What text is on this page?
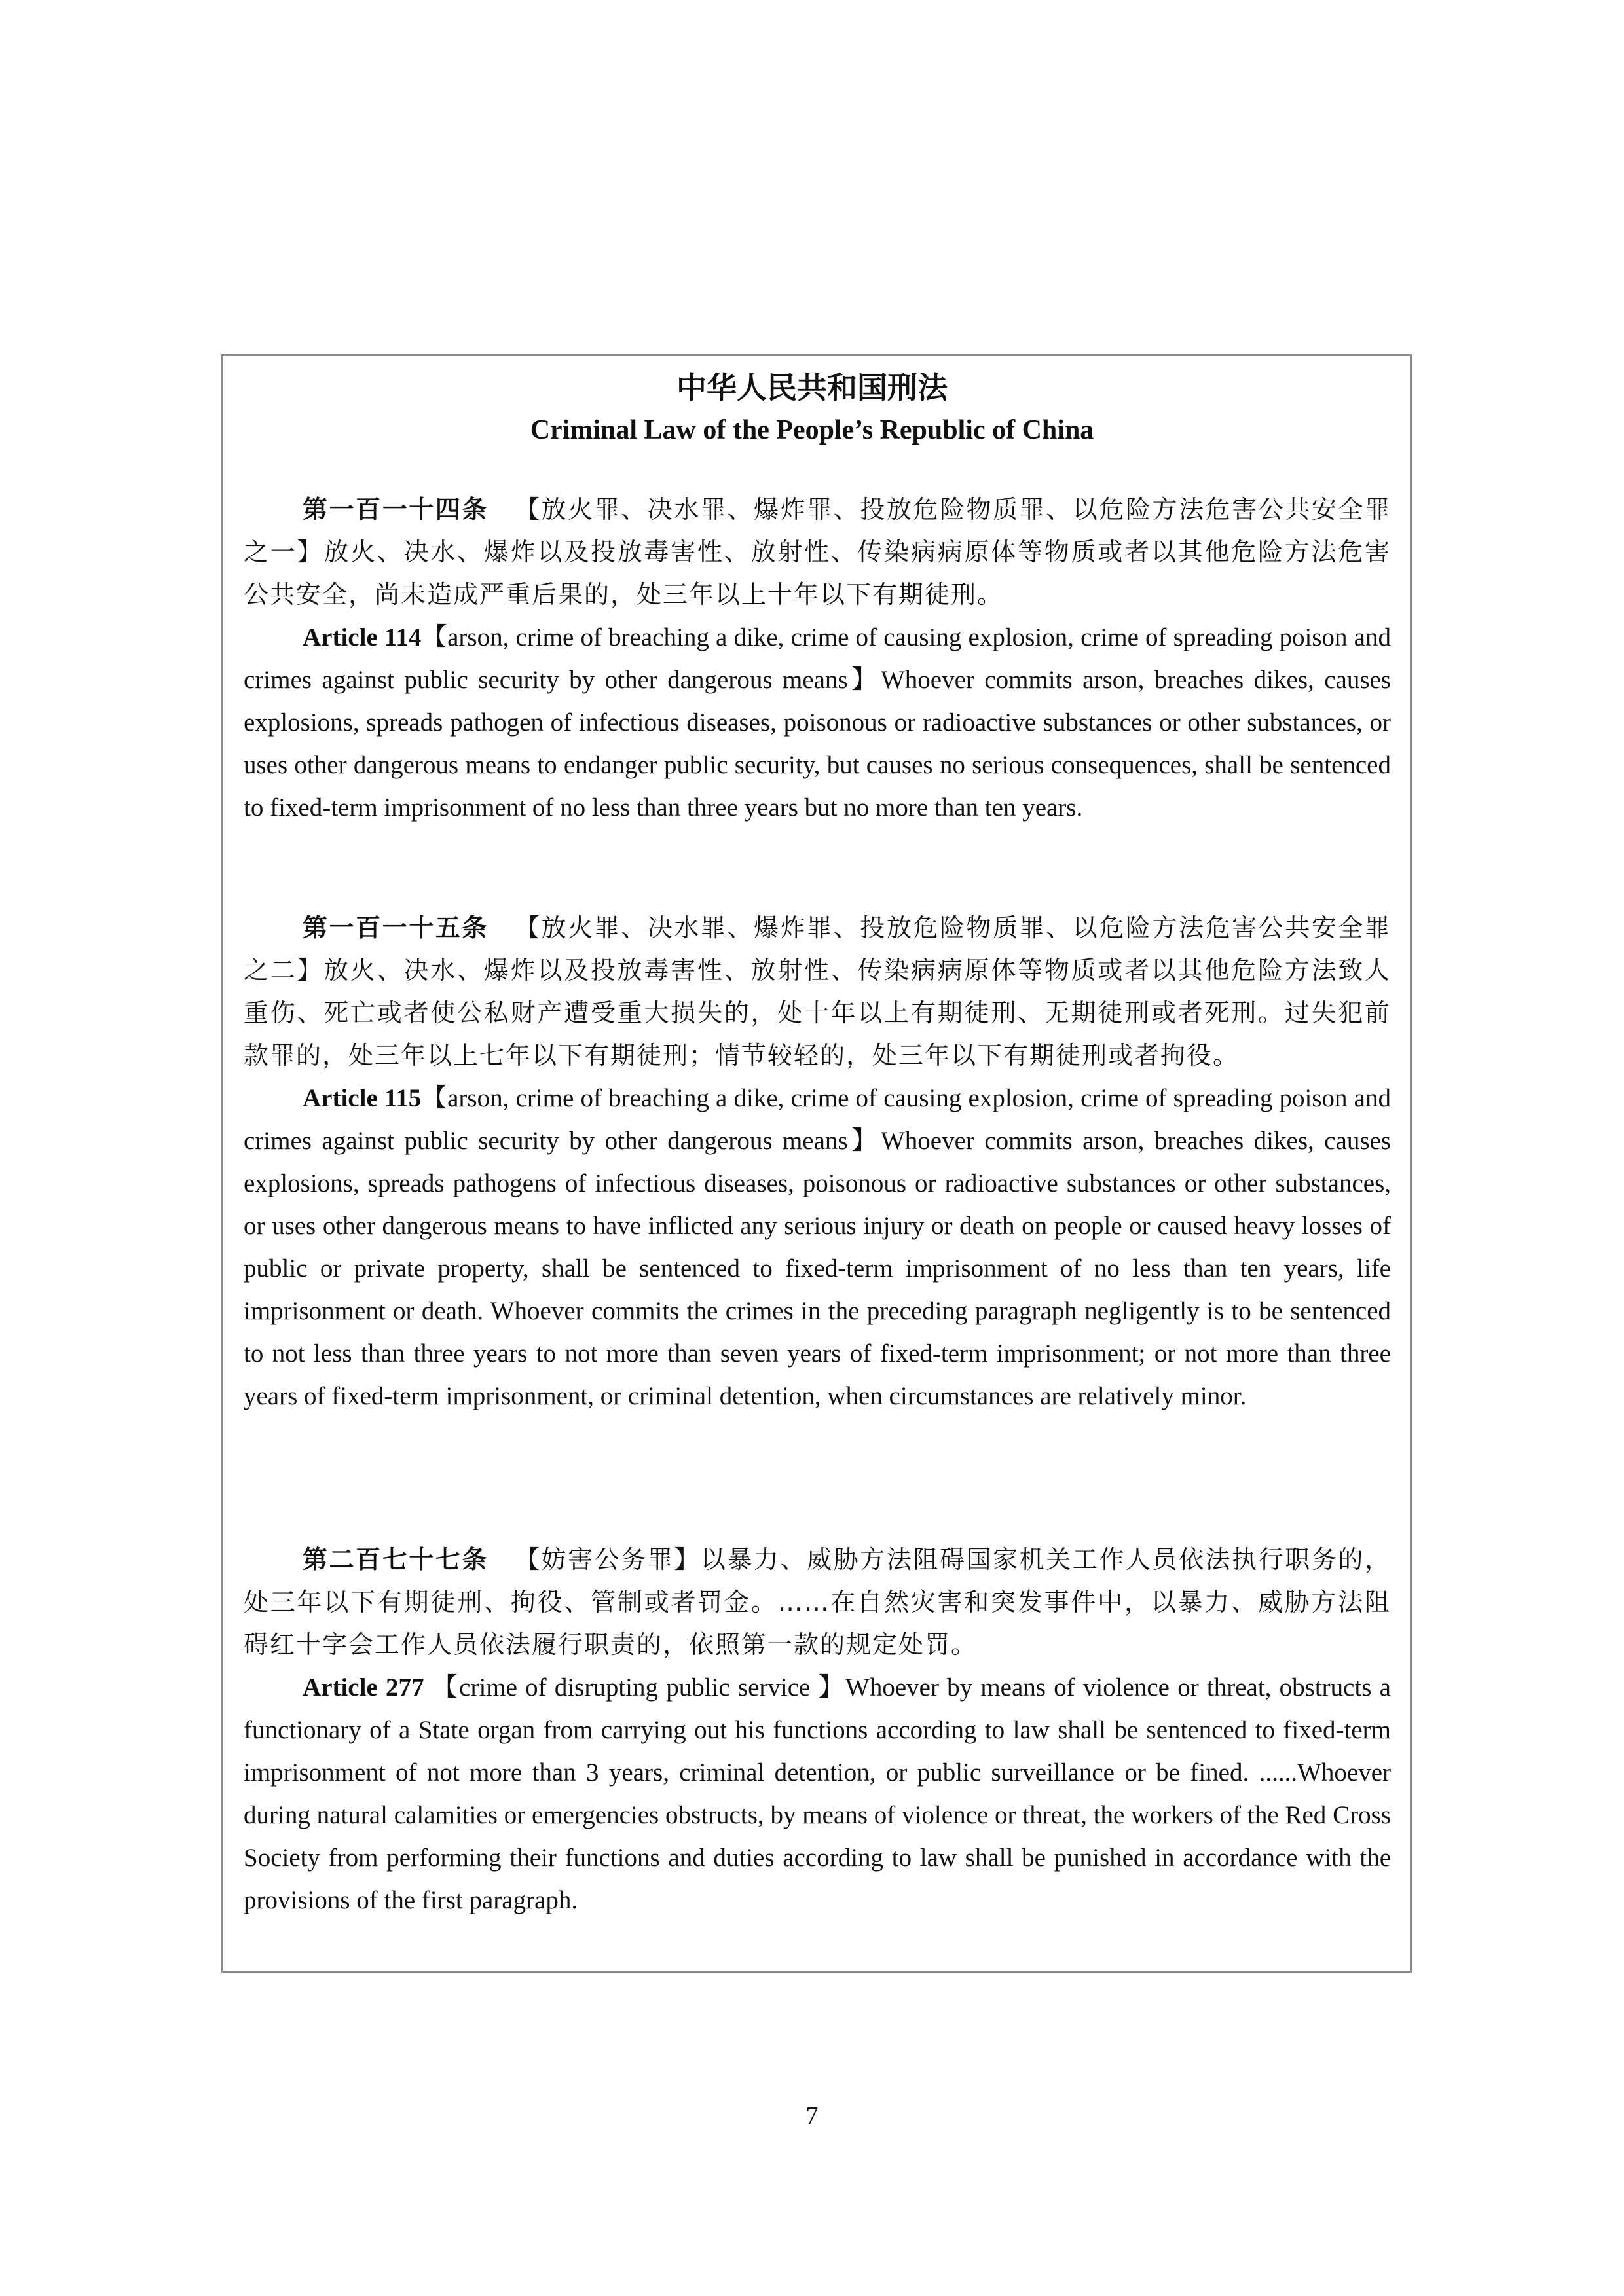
中华人民共和国刑法
Criminal Law of the People’s Republic of China

第一百一十四条 【放火罪、决水罪、爆炸罪、投放危险物质罪、以危险方法危害公共安全罪之一】放火、决水、爆炸以及投放毒害性、放射性、传染病病原体等物质或者以其他危险方法危害公共安全，尚未造成严重后果的，处三年以上十年以下有期徒刑。

Article 114【arson, crime of breaching a dike, crime of causing explosion, crime of spreading poison and crimes against public security by other dangerous means】Whoever commits arson, breaches dikes, causes explosions, spreads pathogen of infectious diseases, poisonous or radioactive substances or other substances, or uses other dangerous means to endanger public security, but causes no serious consequences, shall be sentenced to fixed-term imprisonment of no less than three years but no more than ten years.

第一百一十五条 【放火罪、决水罪、爆炸罪、投放危险物质罪、以危险方法危害公共安全罪之二】放火、决水、爆炸以及投放毒害性、放射性、传染病病原体等物质或者以其他危险方法致人重伤、死亡或者使公私财产遭受重大损失的，处十年以上有期徒刑、无期徒刑或者死刑。过失犯前款罪的，处三年以上七年以下有期徒刑；情节较轻的，处三年以下有期徒刑或者拘役。

Article 115【arson, crime of breaching a dike, crime of causing explosion, crime of spreading poison and crimes against public security by other dangerous means】Whoever commits arson, breaches dikes, causes explosions, spreads pathogens of infectious diseases, poisonous or radioactive substances or other substances, or uses other dangerous means to have inflicted any serious injury or death on people or caused heavy losses of public or private property, shall be sentenced to fixed-term imprisonment of no less than ten years, life imprisonment or death. Whoever commits the crimes in the preceding paragraph negligently is to be sentenced to not less than three years to not more than seven years of fixed-term imprisonment; or not more than three years of fixed-term imprisonment, or criminal detention, when circumstances are relatively minor.

第二百七十七条 【妨害公务罪】以暴力、威胁方法阻碍国家机关工作人员依法执行职务的，处三年以下有期徒刑、拘役、管制或者罚金。……在自然灾害和突发事件中，以暴力、威胁方法阻碍红十字会工作人员依法履行职责的，依照第一款的规定处罚。

Article 277 【crime of disrupting public service 】Whoever by means of violence or threat, obstructs a functionary of a State organ from carrying out his functions according to law shall be sentenced to fixed-term imprisonment of not more than 3 years, criminal detention, or public surveillance or be fined. ......Whoever during natural calamities or emergencies obstructs, by means of violence or threat, the workers of the Red Cross Society from performing their functions and duties according to law shall be punished in accordance with the provisions of the first paragraph.

7
